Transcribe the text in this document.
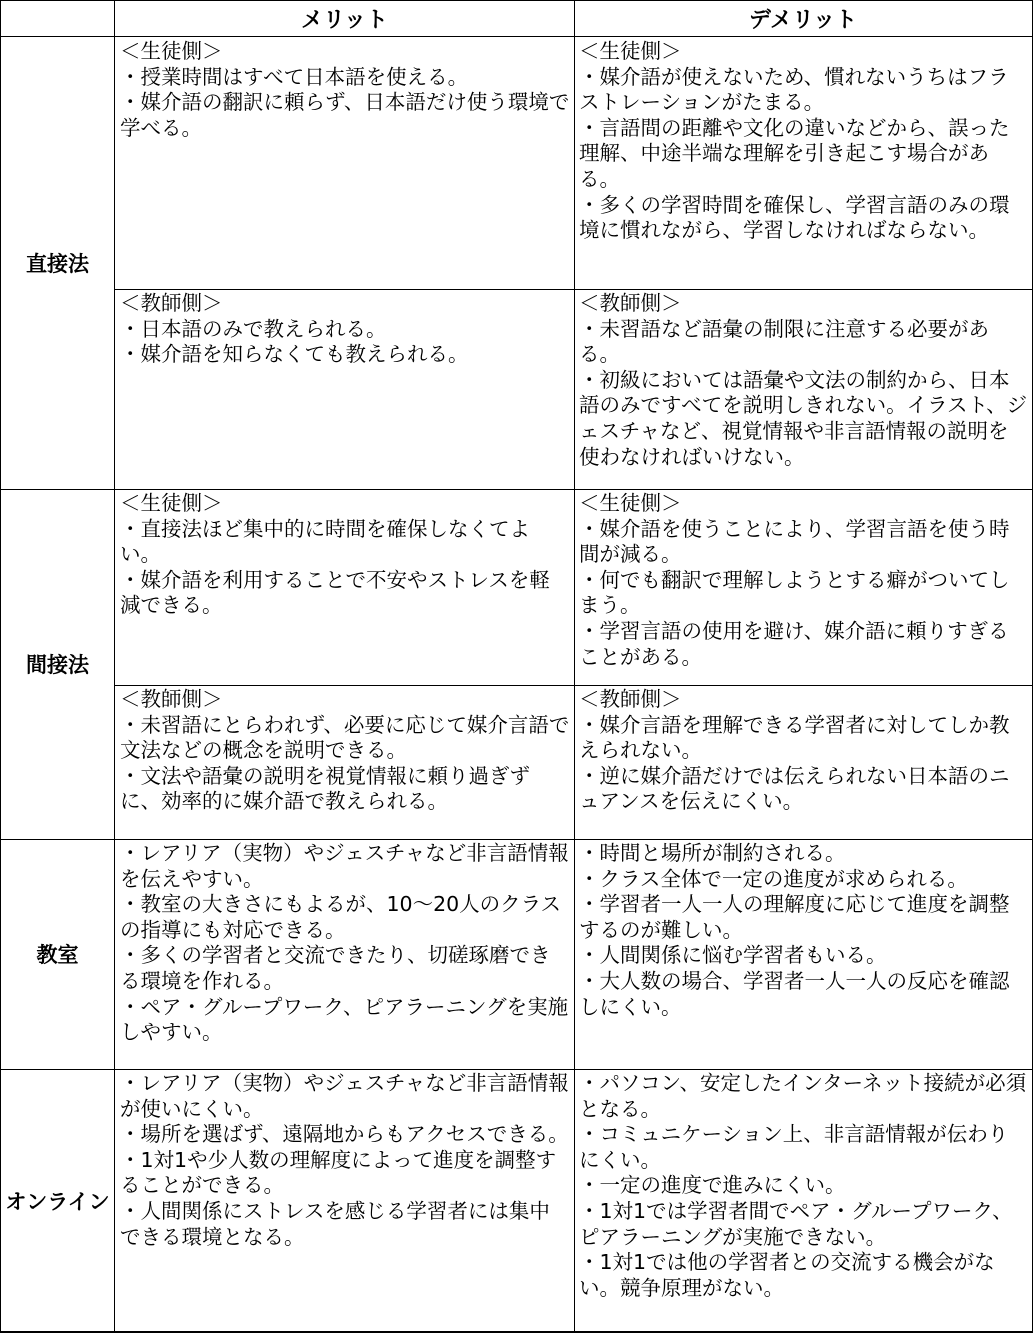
メリット	デメリット
直接法
間接法
教室
オンライン
＜生徒側＞
・授業時間はすべて日本語を使える。
・媒介語の翻訳に頼らず、日本語だけ使う環境で学べる。
＜生徒側＞
・媒介語が使えないため、慣れないうちはフラストレーションがたまる。
・言語間の距離や文化の違いなどから、誤った理解、中途半端な理解を引き起こす場合がある。
・多くの学習時間を確保し、学習言語のみの環境に慣れながら、学習しなければならない。
＜教師側＞
・日本語のみで教えられる。
・媒介語を知らなくても教えられる。
＜教師側＞
・未習語など語彙の制限に注意する必要がある。
・初級においては語彙や文法の制約から、日本語のみですべてを説明しきれない。イラスト、ジェスチャなど、視覚情報や非言語情報の説明を使わなければいけない。
＜生徒側＞
・直接法ほど集中的に時間を確保しなくてよい。
・媒介語を利用することで不安やストレスを軽減できる。
＜生徒側＞
・媒介語を使うことにより、学習言語を使う時間が減る。
・何でも翻訳で理解しようとする癖がついてしまう。
・学習言語の使用を避け、媒介語に頼りすぎることがある。
＜教師側＞
・未習語にとらわれず、必要に応じて媒介言語で文法などの概念を説明できる。
・文法や語彙の説明を視覚情報に頼り過ぎずに、効率的に媒介語で教えられる。
＜教師側＞
・媒介言語を理解できる学習者に対してしか教えられない。
・逆に媒介語だけでは伝えられない日本語のニュアンスを伝えにくい。
・レアリア（実物）やジェスチャなど非言語情報を伝えやすい。
・教室の大きさにもよるが、10～20人のクラスの指導にも対応できる。
・多くの学習者と交流できたり、切磋琢磨できる環境を作れる。
・ペア・グループワーク、ピアラーニングを実施しやすい。
・時間と場所が制約される。
・クラス全体で一定の進度が求められる。
・学習者一人一人の理解度に応じて進度を調整するのが難しい。
・人間関係に悩む学習者もいる。
・大人数の場合、学習者一人一人の反応を確認しにくい。
・レアリア（実物）やジェスチャなど非言語情報が使いにくい。
・場所を選ばず、遠隔地からもアクセスできる。
・1対1や少人数の理解度によって進度を調整することができる。
・人間関係にストレスを感じる学習者には集中できる環境となる。
・パソコン、安定したインターネット接続が必須となる。
・コミュニケーション上、非言語情報が伝わりにくい。
・一定の進度で進みにくい。
・1対1では学習者間でペア・グループワーク、ピアラーニングが実施できない。
・1対1では他の学習者との交流する機会がない。競争原理がない。
